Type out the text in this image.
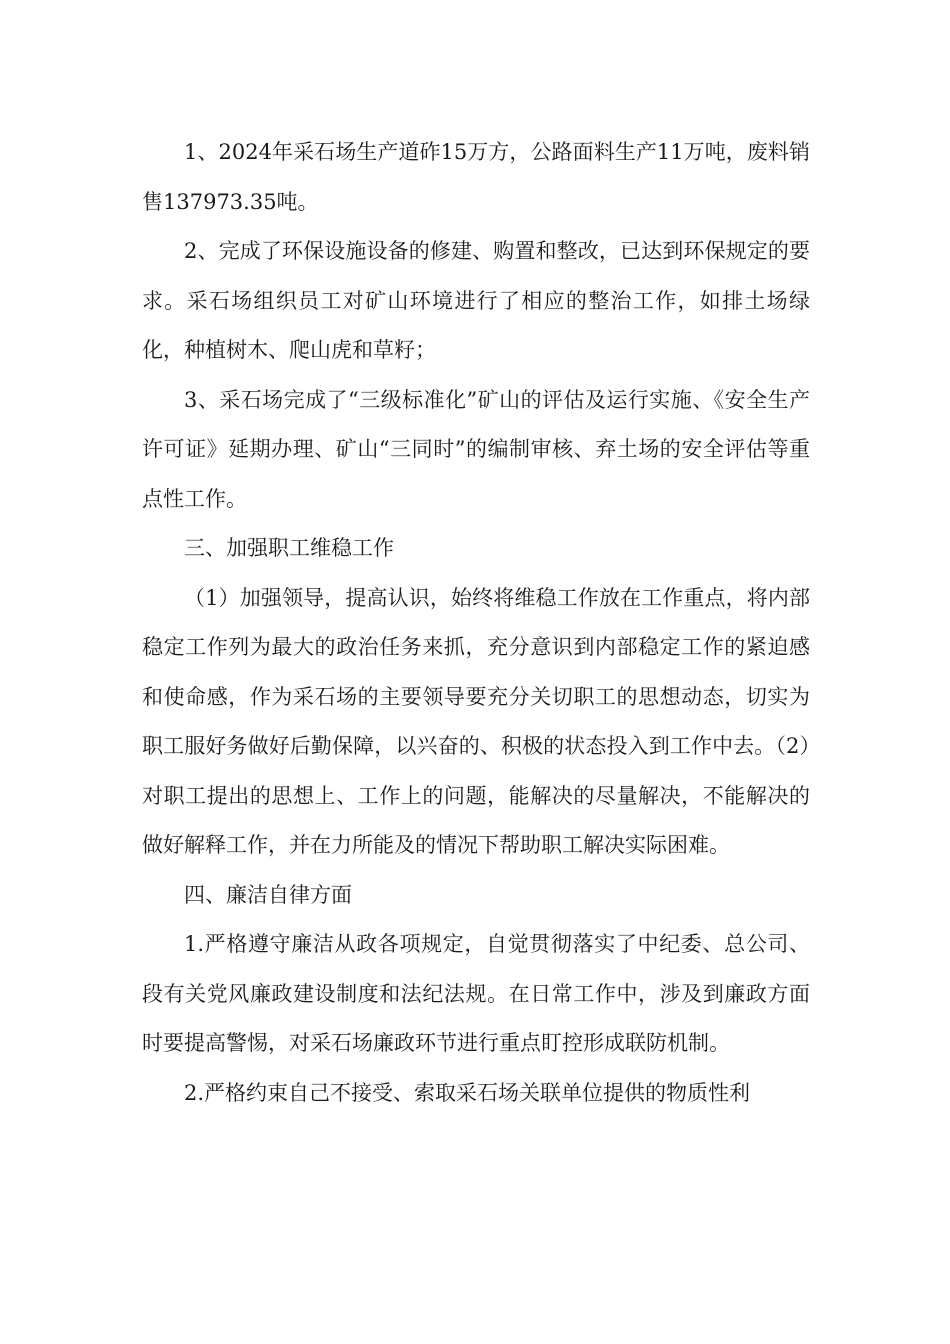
1、2024年采石场生产道砟15万方，公路面料生产11万吨，废料销售137973.35吨。

2、完成了环保设施设备的修建、购置和整改，已达到环保规定的要求。采石场组织员工对矿山环境进行了相应的整治工作，如排土场绿化，种植树木、爬山虎和草籽；

3、采石场完成了“三级标准化”矿山的评估及运行实施、《安全生产许可证》延期办理、矿山“三同时”的编制审核、弃土场的安全评估等重点性工作。

三、加强职工维稳工作

（1）加强领导，提高认识，始终将维稳工作放在工作重点，将内部稳定工作列为最大的政治任务来抓，充分意识到内部稳定工作的紧迫感和使命感，作为采石场的主要领导要充分关切职工的思想动态，切实为职工服好务做好后勤保障，以兴奋的、积极的状态投入到工作中去。（2）对职工提出的思想上、工作上的问题，能解决的尽量解决，不能解决的做好解释工作，并在力所能及的情况下帮助职工解决实际困难。

四、廉洁自律方面

1.严格遵守廉洁从政各项规定，自觉贯彻落实了中纪委、总公司、段有关党风廉政建设制度和法纪法规。在日常工作中，涉及到廉政方面时要提高警惕，对采石场廉政环节进行重点盯控形成联防机制。

2.严格约束自己不接受、索取采石场关联单位提供的物质性利
